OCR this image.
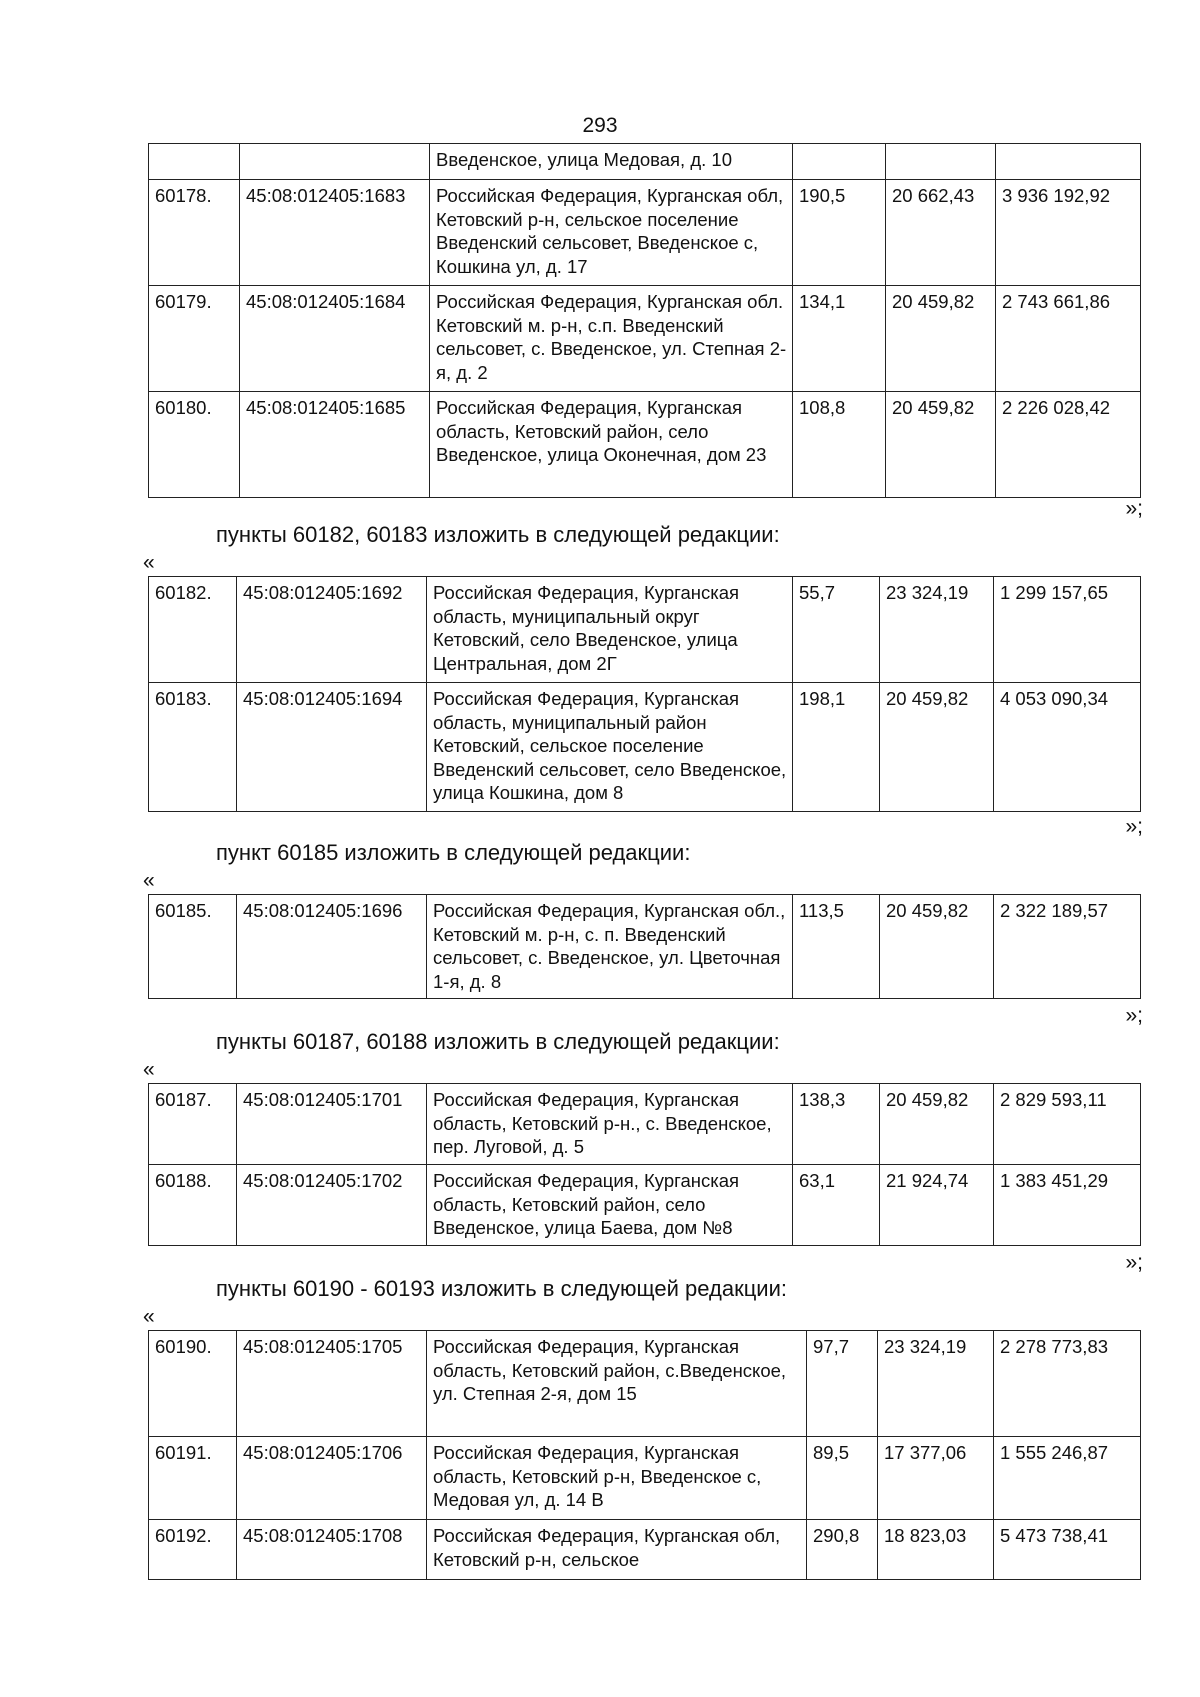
293
		Введенское, улица Медовая, д. 10			
60178.	45:08:012405:1683	Российская Федерация, Курганская обл, Кетовский р-н, сельское поселение Введенский сельсовет, Введенское с, Кошкина ул, д. 17	190,5	20 662,43	3 936 192,92
60179.	45:08:012405:1684	Российская Федерация, Курганская обл. Кетовский м. р-н, с.п. Введенский сельсовет, с. Введенское, ул. Степная 2-я, д. 2	134,1	20 459,82	2 743 661,86
60180.	45:08:012405:1685	Российская Федерация, Курганская область, Кетовский район, село Введенское, улица Оконечная, дом 23	108,8	20 459,82	2 226 028,42
»;
пункты 60182, 60183 изложить в следующей редакции:
«
60182.	45:08:012405:1692	Российская Федерация, Курганская область, муниципальный округ Кетовский, село Введенское, улица Центральная, дом 2Г	55,7	23 324,19	1 299 157,65
60183.	45:08:012405:1694	Российская Федерация, Курганская область, муниципальный район Кетовский, сельское поселение Введенский сельсовет, село Введенское, улица Кошкина, дом 8	198,1	20 459,82	4 053 090,34
»;
пункт 60185 изложить в следующей редакции:
«
60185.	45:08:012405:1696	Российская Федерация, Курганская обл., Кетовский м. р-н, с. п. Введенский сельсовет, с. Введенское, ул. Цветочная 1-я, д. 8	113,5	20 459,82	2 322 189,57
»;
пункты 60187, 60188 изложить в следующей редакции:
«
60187.	45:08:012405:1701	Российская Федерация, Курганская область, Кетовский р-н., с. Введенское, пер. Луговой, д. 5	138,3	20 459,82	2 829 593,11
60188.	45:08:012405:1702	Российская Федерация, Курганская область, Кетовский район, село Введенское, улица Баева, дом №8	63,1	21 924,74	1 383 451,29
»;
пункты 60190 - 60193 изложить в следующей редакции:
«
60190.	45:08:012405:1705	Российская Федерация, Курганская область, Кетовский район, с.Введенское, ул. Степная 2-я, дом 15	97,7	23 324,19	2 278 773,83
60191.	45:08:012405:1706	Российская Федерация, Курганская область, Кетовский р-н, Введенское с, Медовая ул, д. 14 В	89,5	17 377,06	1 555 246,87
60192.	45:08:012405:1708	Российская Федерация, Курганская обл, Кетовский р-н, сельское	290,8	18 823,03	5 473 738,41
